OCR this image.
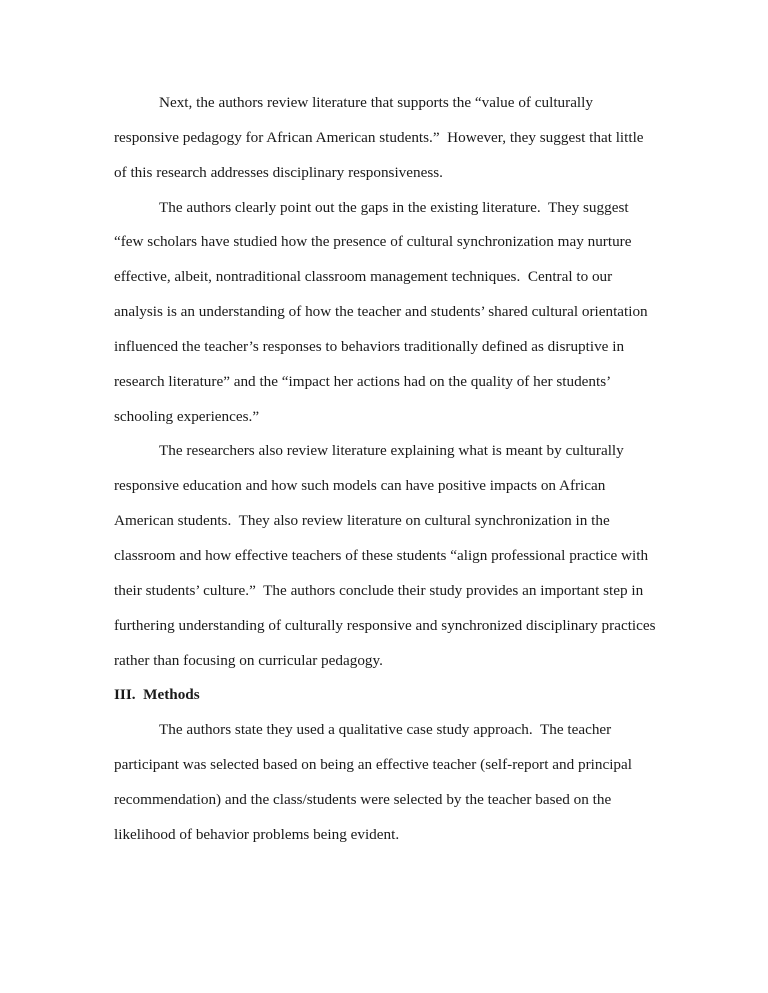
Next, the authors review literature that supports the “value of culturally
responsive pedagogy for African American students.”  However, they suggest that little
of this research addresses disciplinary responsiveness.
The authors clearly point out the gaps in the existing literature.  They suggest
“few scholars have studied how the presence of cultural synchronization may nurture
effective, albeit, nontraditional classroom management techniques.  Central to our
analysis is an understanding of how the teacher and students’ shared cultural orientation
influenced the teacher’s responses to behaviors traditionally defined as disruptive in
research literature” and the “impact her actions had on the quality of her students’
schooling experiences.”
The researchers also review literature explaining what is meant by culturally
responsive education and how such models can have positive impacts on African
American students.  They also review literature on cultural synchronization in the
classroom and how effective teachers of these students “align professional practice with
their students’ culture.”  The authors conclude their study provides an important step in
furthering understanding of culturally responsive and synchronized disciplinary practices
rather than focusing on curricular pedagogy.
III.  Methods
The authors state they used a qualitative case study approach.  The teacher
participant was selected based on being an effective teacher (self-report and principal
recommendation) and the class/students were selected by the teacher based on the
likelihood of behavior problems being evident.
